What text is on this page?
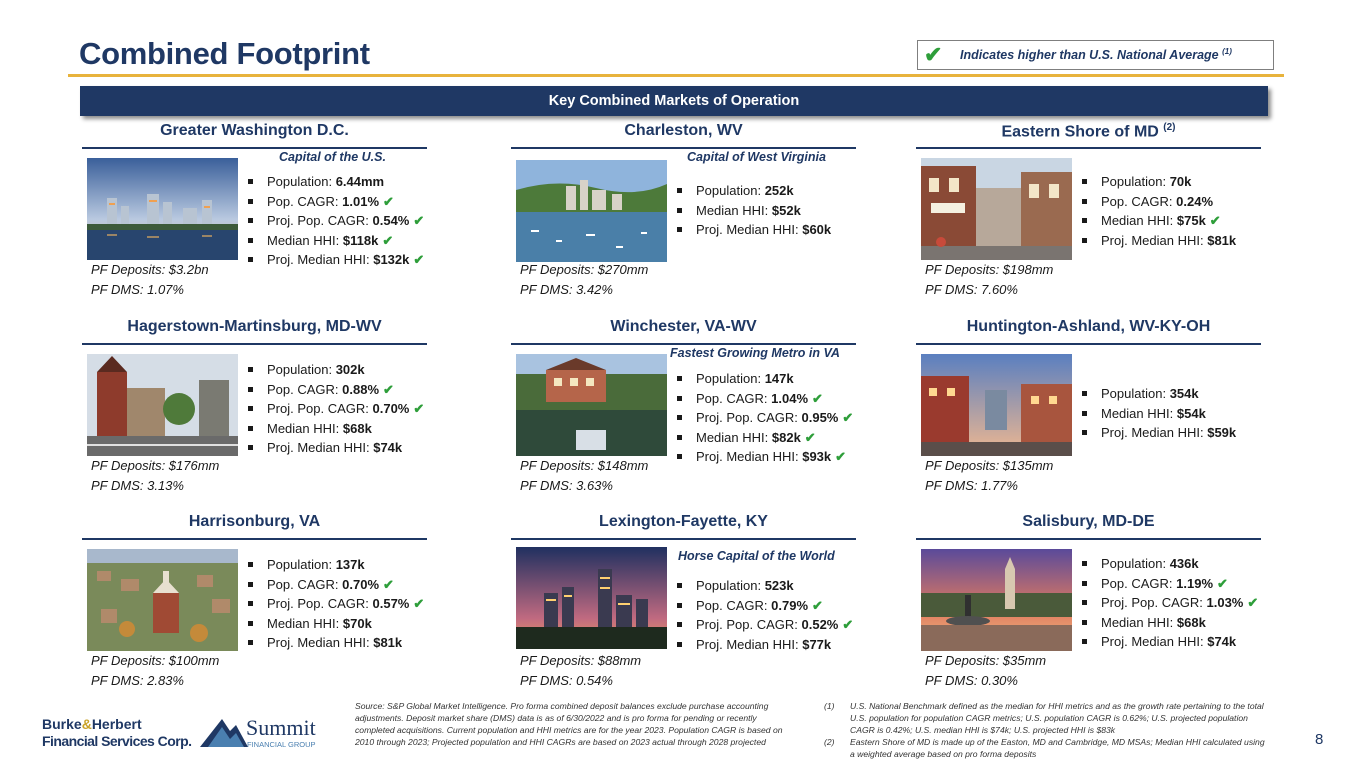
Combined Footprint	✔	Indicates higher than U.S. National Average $^{(1)}$
Key Combined Markets of Operation
Greater Washington D.C.
Capital of the U.S.
Population: 6.44mm
Pop. CAGR: 1.01% ✔
Proj. Pop. CAGR: 0.54% ✔
Median HHI: $118k ✔
Proj. Median HHI: $132k ✔
PF Deposits: $3.2bn
PF DMS: 1.07%
Charleston, WV
Capital of West Virginia
Population: 252k
Median HHI: $52k
Proj. Median HHI: $60k
PF Deposits: $270mm
PF DMS: 3.42%
Eastern Shore of MD $^{(2)}$
Population: 70k
Pop. CAGR: 0.24%
Median HHI: $75k ✔
Proj. Median HHI: $81k
PF Deposits: $198mm
PF DMS: 7.60%
Hagerstown-Martinsburg, MD-WV
Population: 302k
Pop. CAGR: 0.88% ✔
Proj. Pop. CAGR: 0.70% ✔
Median HHI: $68k
Proj. Median HHI: $74k
PF Deposits: $176mm
PF DMS: 3.13%
Winchester, VA-WV
Fastest Growing Metro in VA
Population: 147k
Pop. CAGR: 1.04% ✔
Proj. Pop. CAGR: 0.95% ✔
Median HHI: $82k ✔
Proj. Median HHI: $93k ✔
PF Deposits: $148mm
PF DMS: 3.63%
Huntington-Ashland, WV-KY-OH
Population: 354k
Median HHI: $54k
Proj. Median HHI: $59k
PF Deposits: $135mm
PF DMS: 1.77%
Harrisonburg, VA
Population: 137k
Pop. CAGR: 0.70% ✔
Proj. Pop. CAGR: 0.57% ✔
Median HHI: $70k
Proj. Median HHI: $81k
PF Deposits: $100mm
PF DMS: 2.83%
Lexington-Fayette, KY
Horse Capital of the World
Population: 523k
Pop. CAGR: 0.79% ✔
Proj. Pop. CAGR: 0.52% ✔
Proj. Median HHI: $77k
PF Deposits: $88mm
PF DMS: 0.54%
Salisbury, MD-DE
Population: 436k
Pop. CAGR: 1.19% ✔
Proj. Pop. CAGR: 1.03% ✔
Median HHI: $68k
Proj. Median HHI: $74k
PF Deposits: $35mm
PF DMS: 0.30%
Burke&Herbert
Financial Services Corp.
Summit
FINANCIAL GROUP
Source: S&P Global Market Intelligence. Pro forma combined deposit balances exclude purchase accounting adjustments. Deposit market share (DMS) data is as of 6/30/2022 and is pro forma for pending or recently completed acquisitions. Current population and HHI metrics are for the year 2023. Population CAGR is based on 2010 through 2023; Projected population and HHI CAGRs are based on 2023 actual through 2028 projected
(1) U.S. National Benchmark defined as the median for HHI metrics and as the growth rate pertaining to the total U.S. population for population CAGR metrics; U.S. population CAGR is 0.62%; U.S. projected population CAGR is 0.42%; U.S. median HHI is $74k; U.S. projected HHI is $83k
(2) Eastern Shore of MD is made up of the Easton, MD and Cambridge, MD MSAs; Median HHI calculated using a weighted average based on pro forma deposits
8
